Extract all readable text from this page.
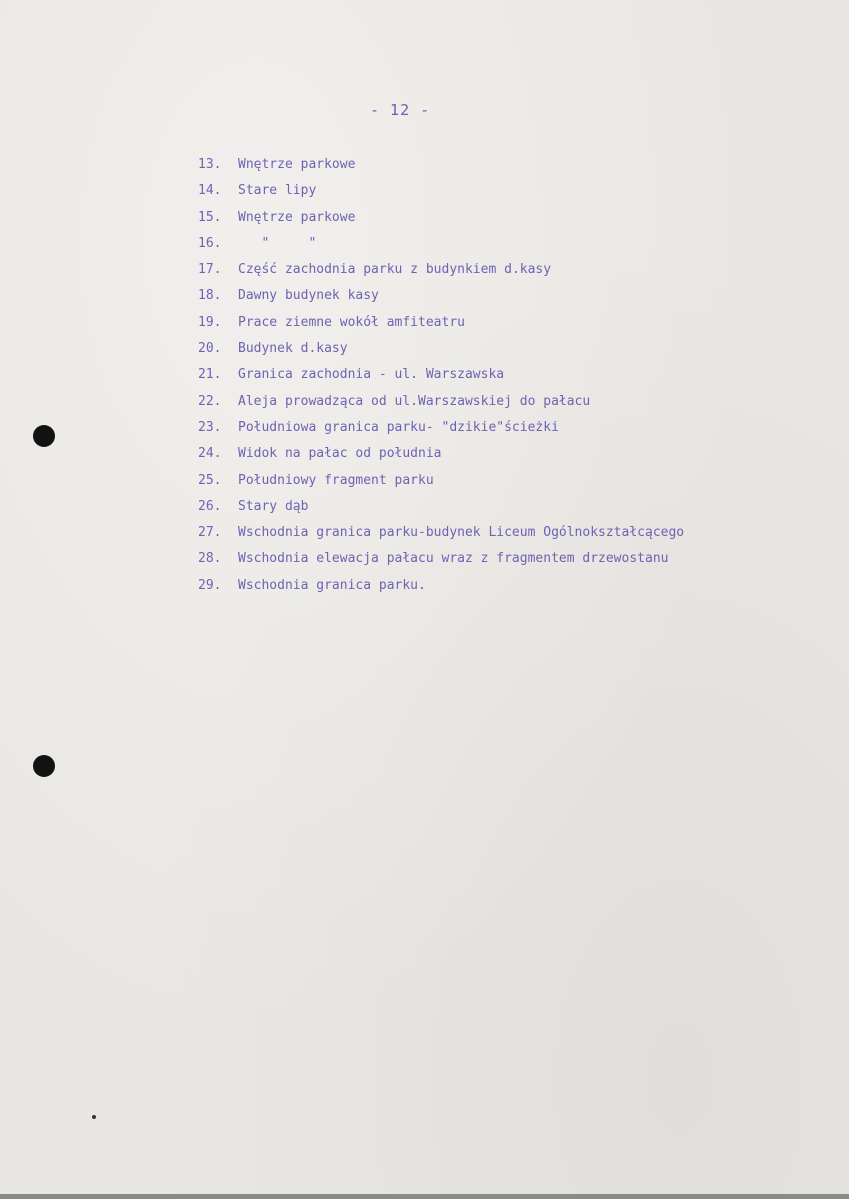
- 12 -
13. Wnętrze parkowe
14. Stare lipy
15. Wnętrze parkowe
16.   "     "
17. Część zachodnia parku z budynkiem d.kasy
18. Dawny budynek kasy
19. Prace ziemne wokół amfiteatru
20. Budynek d.kasy
21. Granica zachodnia - ul. Warszawska
22. Aleja prowadząca od ul.Warszawskiej do pałacu
23. Południowa granica parku- "dzikie"ścieżki
24. Widok na pałac od południa
25. Południowy fragment parku
26. Stary dąb
27. Wschodnia granica parku-budynek Liceum Ogólnokształcącego
28. Wschodnia elewacja pałacu wraz z fragmentem drzewostanu
29. Wschodnia granica parku.
